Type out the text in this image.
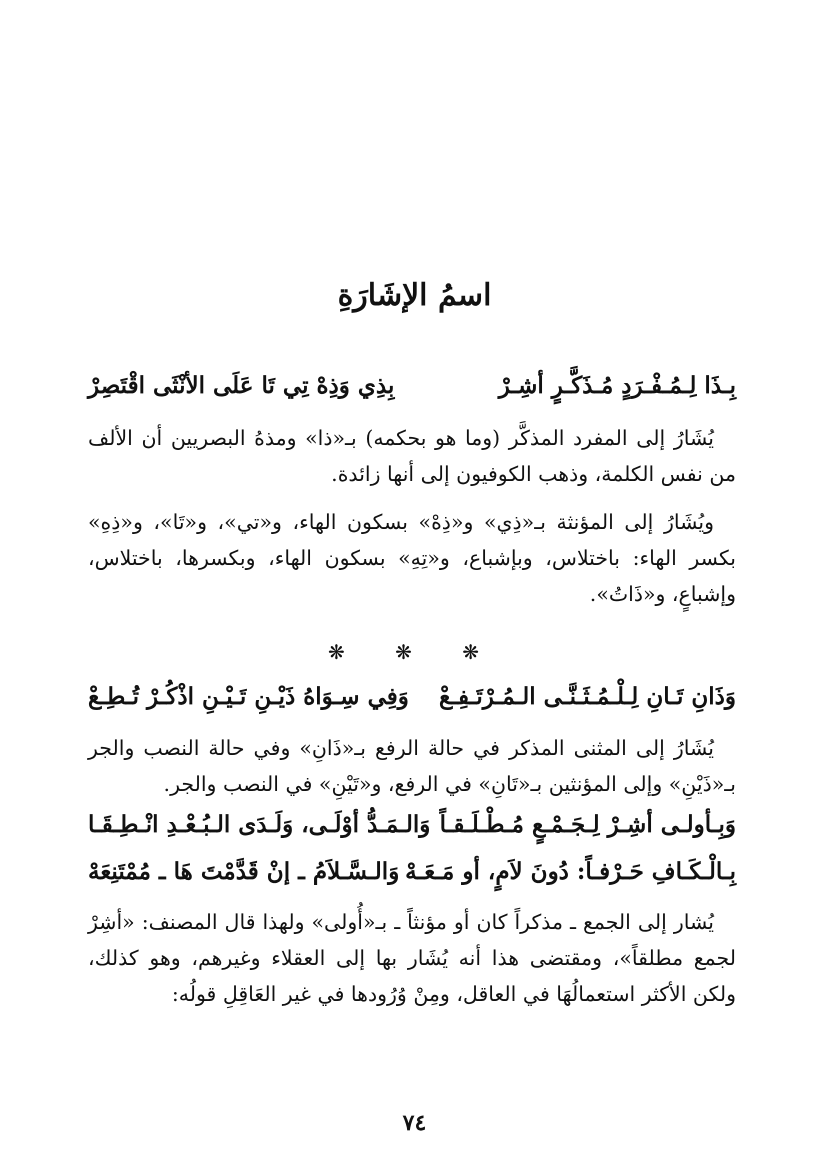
اسمُ الإشَارَةِ
بِـذَا لِـمُـفْـرَدٍ مُـذَكَّـرٍ أشِـرْ
بِذِي وَذِهْ تِي تَا عَلَى الأنْثَى اقْتَصِرْ
يُشَارُ إلى المفرد المذكَّر (وما هو بحكمه) بـ«ذا» ومذهُ البصريين أن الألف من نفس الكلمة، وذهب الكوفيون إلى أنها زائدة.
ويُشَارُ إلى المؤنثة بـ«ذِي» و«ذِهْ» بسكون الهاء، و«تي»، و«تَا»، و«ذِهِ» بكسر الهاء: باختلاس، وبإشباع، و«تِهِ» بسكون الهاء، وبكسرها، باختلاس، وإشباعٍ، و«ذَاتُ».
❋ ❋ ❋
وَذَانِ تَـانِ لِـلْـمُـثَـنَّـى الـمُـرْتَـفِـعْ
وَفِي سِـوَاهُ ذَيْـنِ تَـيْـنِ اذْكُـرْ تُـطِـعْ
يُشَارُ إلى المثنى المذكر في حالة الرفع بـ«ذَانِ» وفي حالة النصب والجر بـ«ذَيْنِ» وإلى المؤنثين بـ«تَانِ» في الرفع، و«تَيْنِ» في النصب والجر.
وَبِـأولـى أشِـرْ لِـجَـمْـعٍ مُـطْـلَـقـاً
وَالـمَـدُّ أوْلَـى، وَلَـدَى الـبُـعْـدِ انْـطِـقَـا
بِـالْـكَـافِ حَـرْفـاً: دُونَ لاَمٍ، أو مَـعَـهْ
وَالـسَّـلاَمُ ـ إنْ قَدَّمْتَ هَا ـ مُمْتَنِعَهْ
يُشار إلى الجمع ـ مذكراً كان أو مؤنثاً ـ بـ«أُولى» ولهذا قال المصنف: «أشِرْ لجمع مطلقاً»، ومقتضى هذا أنه يُشَار بها إلى العقلاء وغيرهم، وهو كذلك، ولكن الأكثر استعمالُهَا في العاقل، ومِنْ وُرُودها في غير العَاقِلِ قولُه:
٧٤
